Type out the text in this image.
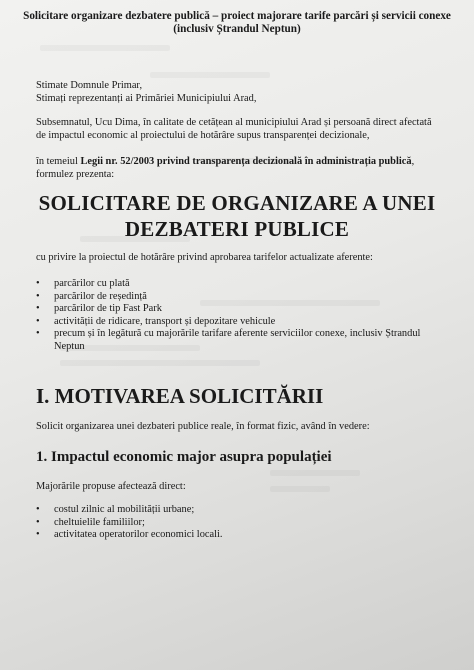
Solicitare organizare dezbatere publică – proiect majorare tarife parcări și servicii conexe
(inclusiv Ștrandul Neptun)
Stimate Domnule Primar,
Stimați reprezentanți ai Primăriei Municipiului Arad,
Subsemnatul, Ucu Dima, în calitate de cetățean al municipiului Arad și persoană direct afectată
de impactul economic al proiectului de hotărâre supus transparenței decizionale,
în temeiul Legii nr. 52/2003 privind transparența decizională în administrația publică,
formulez prezenta:
SOLICITARE DE ORGANIZARE A UNEI
DEZBATERI PUBLICE
cu privire la proiectul de hotărâre privind aprobarea tarifelor actualizate aferente:
• parcărilor cu plată
• parcărilor de reședință
• parcărilor de tip Fast Park
• activității de ridicare, transport și depozitare vehicule
• precum și în legătură cu majorările tarifare aferente serviciilor conexe, inclusiv Ștrandul
Neptun
I. MOTIVAREA SOLICITĂRII
Solicit organizarea unei dezbateri publice reale, în format fizic, având în vedere:
1. Impactul economic major asupra populației
Majorările propuse afectează direct:
• costul zilnic al mobilității urbane;
• cheltuielile familiilor;
• activitatea operatorilor economici locali.
